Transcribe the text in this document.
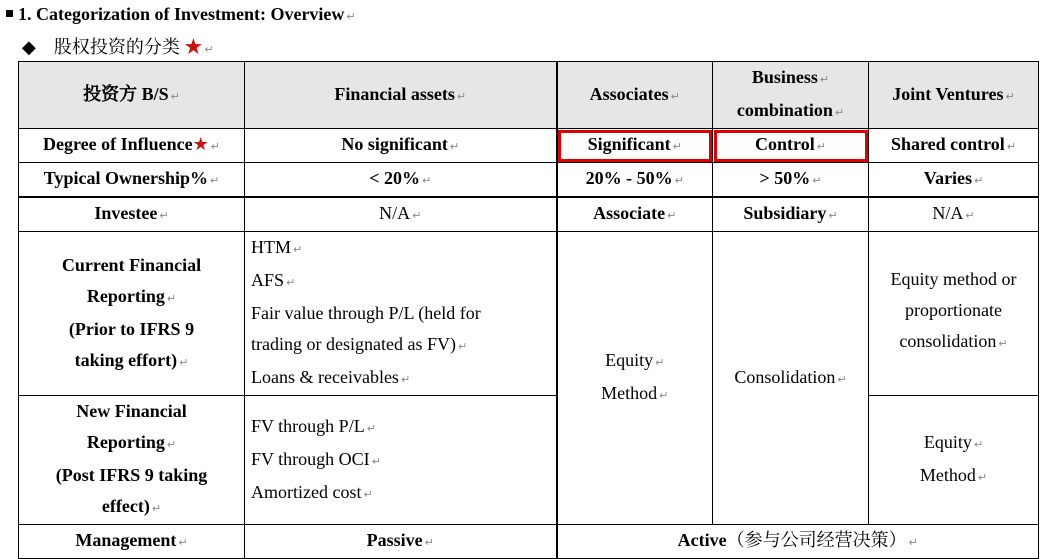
1. Categorization of Investment: Overview ↵
◆ 股权投资的分类 ★ ↵
投资方 B/S ↵	Financial assets ↵	Associates ↵	Business ↵
combination ↵	Joint Ventures ↵
Degree of Influence★ ↵	No significant ↵	Significant ↵	Control ↵	Shared control ↵
Typical Ownership% ↵	< 20% ↵	20% - 50% ↵	> 50% ↵	Varies ↵
Investee ↵	N/A ↵	Associate ↵	Subsidiary ↵	N/A ↵
Current Financial
Reporting ↵
(Prior to IFRS 9
taking effort) ↵	HTM ↵
AFS ↵
Fair value through P/L (held for
trading or designated as FV) ↵
Loans & receivables ↵	Equity ↵
Method ↵	Consolidation ↵	Equity method or
proportionate
consolidation ↵
New Financial
Reporting ↵
(Post IFRS 9 taking
effect) ↵	FV through P/L ↵
FV through OCI ↵
Amortized cost ↵			Equity ↵
Method ↵
Management ↵	Passive ↵	Active（参与公司经营决策） ↵		
